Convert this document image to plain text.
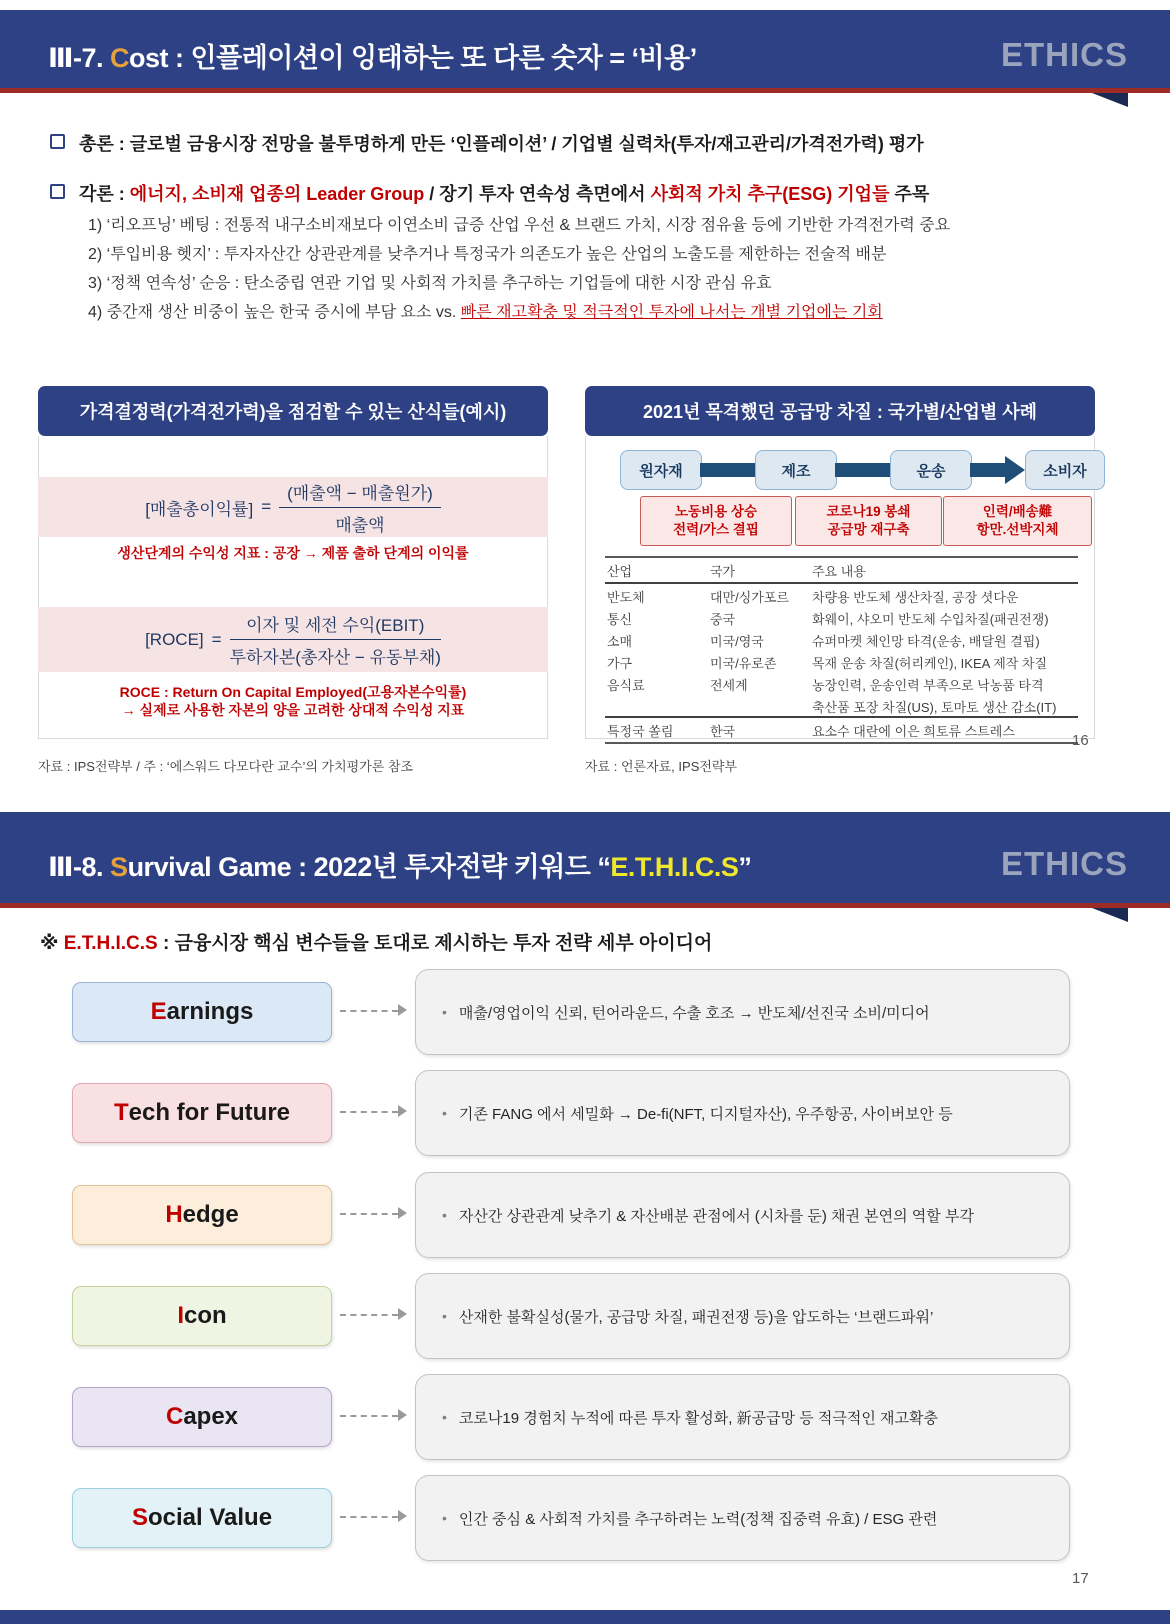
Ⅲ-7. Cost : 인플레이션이 잉태하는 또 다른 숫자 = ‘비용’	ETHICS
총론 : 글로벌 금융시장 전망을 불투명하게 만든 ‘인플레이션’ / 기업별 실력차(투자/재고관리/가격전가력) 평가
각론 : 에너지, 소비재 업종의 Leader Group / 장기 투자 연속성 측면에서 사회적 가치 추구(ESG) 기업들 주목
1) ‘리오프닝’ 베팅 : 전통적 내구소비재보다 이연소비 급증 산업 우선 & 브랜드 가치, 시장 점유율 등에 기반한 가격전가력 중요
2) ‘투입비용 헷지’ : 투자자산간 상관관계를 낮추거나 특정국가 의존도가 높은 산업의 노출도를 제한하는 전술적 배분
3) ‘정책 연속성’ 순응 : 탄소중립 연관 기업 및 사회적 가치를 추구하는 기업들에 대한 시장 관심 유효
4) 중간재 생산 비중이 높은 한국 증시에 부담 요소 vs. 빠른 재고확충 및 적극적인 투자에 나서는 개별 기업에는 기회
가격결정력(가격전가력)을 점검할 수 있는 산식들(예시)
[매출총이익률] = $\frac{\text{(매출액 − 매출원가)}}{\text{매출액}}$
생산단계의 수익성 지표 : 공장 → 제품 출하 단계의 이익률
[ROCE] = $\frac{\text{이자 및 세전 수익(EBIT)}}{\text{투하자본(총자산 − 유동부채)}}$
ROCE : Return On Capital Employed(고용자본수익률)
→ 실제로 사용한 자본의 양을 고려한 상대적 수익성 지표
자료 : IPS전략부 / 주 : ‘에스워드 다모다란 교수’의 가치평가론 참조
2021년 목격했던 공급망 차질 : 국가별/산업별 사례
원자재	제조	운송	소비자
노동비용 상승
전력/가스 결핍
코로나19 봉쇄
공급망 재구축
인력/배송難
항만.선박지체
산업	국가	주요 내용
반도체	대만/싱가포르 차량용 반도체 생산차질, 공장 셧다운
통신	중국	화웨이, 샤오미 반도체 수입차질(패권전쟁)
소매	미국/영국	슈퍼마켓 체인망 타격(운송, 배달원 결핍)
가구	미국/유로존	목재 운송 차질(허리케인), IKEA 제작 차질
음식료	전세계	농장인력, 운송인력 부족으로 낙농품 타격
축산품 포장 차질(US), 토마토 생산 감소(IT)
특정국 쏠림	한국	요소수 대란에 이은 희토류 스트레스
자료 : 언론자료, IPS전략부
16
Ⅲ-8. Survival Game : 2022년 투자전략 키워드 “E.T.H.I.C.S”	ETHICS
※ E.T.H.I.C.S : 금융시장 핵심 변수들을 토대로 제시하는 투자 전략 세부 아이디어
E arnings	• 매출/영업이익 신뢰, 턴어라운드, 수출 호조 → 반도체/선진국 소비/미디어
T ech for Future	• 기존 FANG 에서 세밀화 → De-fi(NFT, 디지털자산), 우주항공, 사이버보안 등
H edge	• 자산간 상관관계 낮추기 & 자산배분 관점에서 (시차를 둔) 채권 본연의 역할 부각
I con	• 산재한 불확실성(물가, 공급망 차질, 패권전쟁 등)을 압도하는 ‘브랜드파워’
C apex	• 코로나19 경험치 누적에 따른 투자 활성화, 新공급망 등 적극적인 재고확충
S ocial Value	• 인간 중심 & 사회적 가치를 추구하려는 노력(정책 집중력 유효) / ESG 관련
17
